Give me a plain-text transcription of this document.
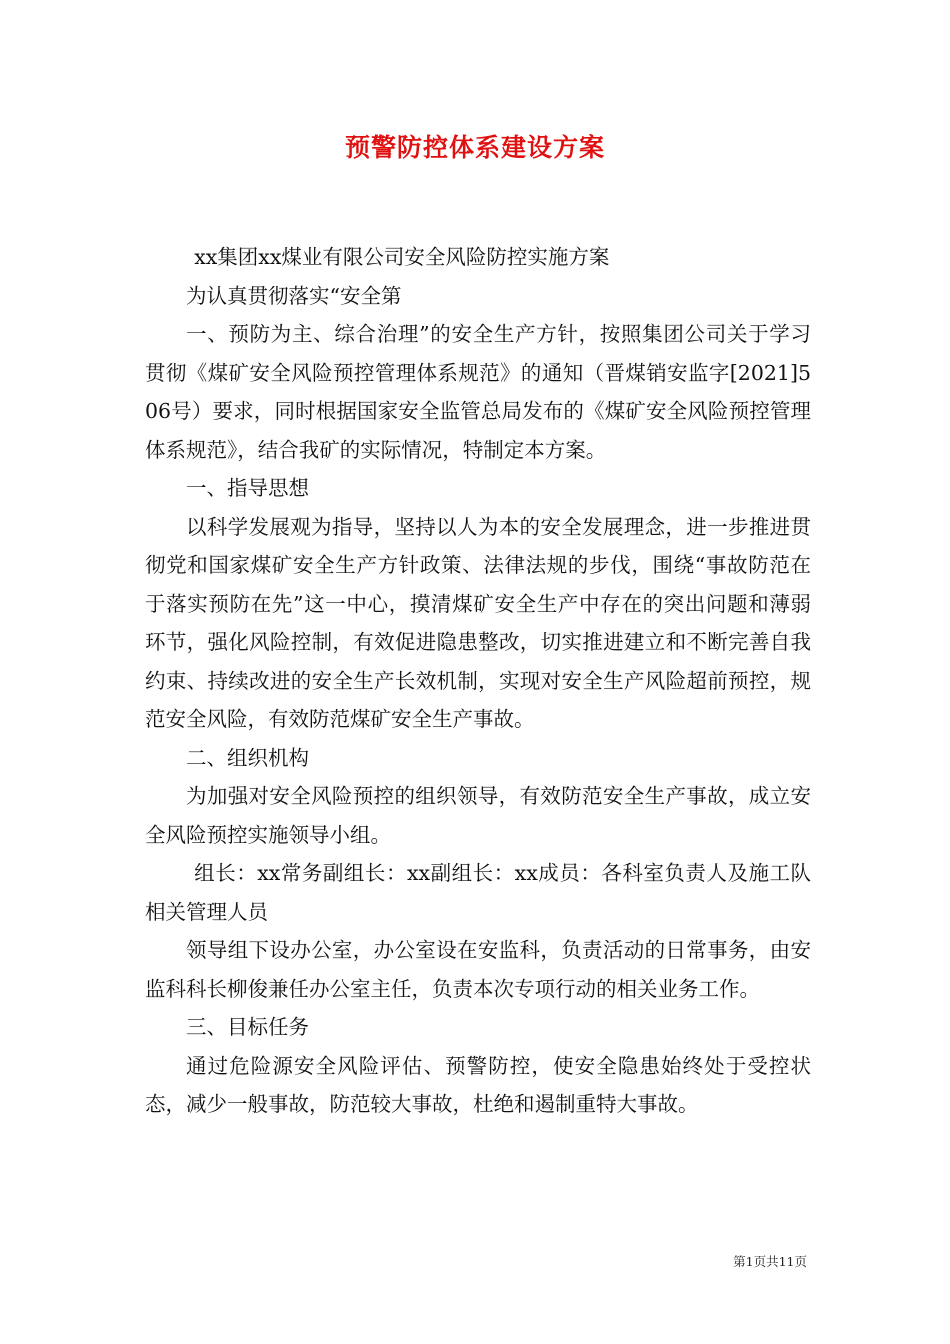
预警防控体系建设方案

xx集团xx煤业有限公司安全风险防控实施方案

为认真贯彻落实“安全第

一、预防为主、综合治理”的安全生产方针，按照集团公司关于学习贯彻《煤矿安全风险预控管理体系规范》的通知（晋煤销安监字[2021]506号）要求，同时根据国家安全监管总局发布的《煤矿安全风险预控管理体系规范》，结合我矿的实际情况，特制定本方案。

一、指导思想

以科学发展观为指导，坚持以人为本的安全发展理念，进一步推进贯彻党和国家煤矿安全生产方针政策、法律法规的步伐，围绕“事故防范在于落实预防在先”这一中心，摸清煤矿安全生产中存在的突出问题和薄弱环节，强化风险控制，有效促进隐患整改，切实推进建立和不断完善自我约束、持续改进的安全生产长效机制，实现对安全生产风险超前预控，规范安全风险，有效防范煤矿安全生产事故。

二、组织机构

为加强对安全风险预控的组织领导，有效防范安全生产事故，成立安全风险预控实施领导小组。

组长：xx常务副组长：xx副组长：xx成员：各科室负责人及施工队相关管理人员

领导组下设办公室，办公室设在安监科，负责活动的日常事务，由安监科科长柳俊兼任办公室主任，负责本次专项行动的相关业务工作。

三、目标任务

通过危险源安全风险评估、预警防控，使安全隐患始终处于受控状态，减少一般事故，防范较大事故，杜绝和遏制重特大事故。

第1页共11页
